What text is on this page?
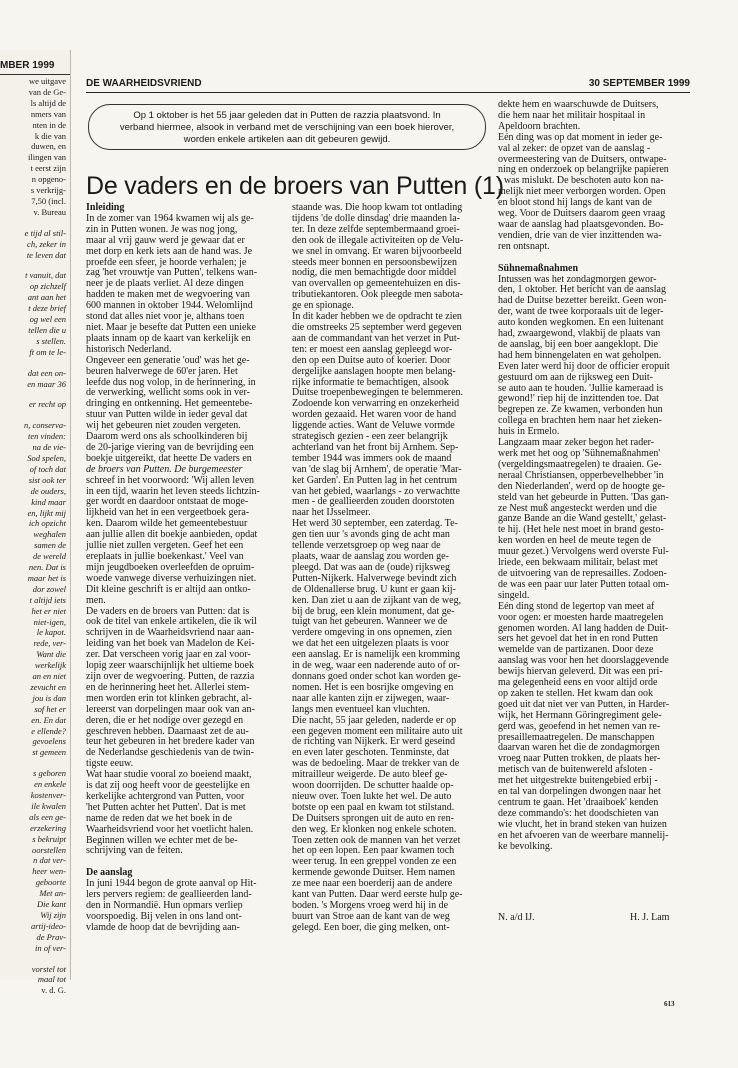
MBER 1999
we uitgave
van de Ge-
ls altijd de
nmers van
nten in de
k die van
duwen, en
ilingen van
t eerst zijn
n opgeno-
s verkrijg-
7,50 (incl.
v. Bureau
e tijd al stil-
ch, zeker in
te leven dat
t vanuit, dat
op zichzelf
ant aan het
t deze brief
og wel een
tellen die u
s stellen.
ft om te le-
dat een on-
en maar 36
er recht op
n, conserva-
ten vinden:
na de vie-
Sod spelen,
of toch dat
sist ook ter
de ouders,
kind maar
en, lijkt mij
ich opzicht
weghalen
samen de
de wereld
nen. Dat is
maar het is
dor zowel
t altijd iets
het er niet
niet-igen,
le kapot.
rede, ver-
Want die
werkelijk
an en niet
zevucht en
jou is dan
sof het er
en. En dat
e ellende?
gevoelens
st gemeen
s geboren
en enkele
kostenver-
ile kwalen
als een ge-
erzekering
s bekruipt
oorstellen
n dat ver-
heer wen-
geboorte
Met an-
Die kant
Wij zijn
artij-ideo-
de Prav-
in of ver-
vorstel tot
maal tot
v. d. G.
DE WAARHEIDSVRIEND	30 SEPTEMBER 1999
Op 1 oktober is het 55 jaar geleden dat in Putten de razzia plaatsvond. In
verband hiermee, alsook in verband met de verschijning van een boek hierover,
worden enkele artikelen aan dit gebeuren gewijd.
De vaders en de broers van Putten (1)

Inleiding

In de zomer van 1964 kwamen wij als ge-

zin in Putten wonen. Je was nog jong,

maar al vrij gauw werd je gewaar dat er

met dorp en kerk iets aan de hand was. Je

proefde een sfeer, je hoorde verhalen; je

zag 'het vrouwtje van Putten', telkens wan-

neer je de plaats verliet. Al deze dingen

hadden te maken met de wegvoering van

600 mannen in oktober 1944. Welomlijnd

stond dat alles niet voor je, althans toen

niet. Maar je besefte dat Putten een unieke

plaats innam op de kaart van kerkelijk en

historisch Nederland.

Ongeveer een generatie 'oud' was het ge-

beuren halverwege de 60'er jaren. Het

leefde dus nog volop, in de herinnering, in

de verwerking, wellicht soms ook in ver-

dringing en ontkenning. Het gemeentebe-

stuur van Putten wilde in ieder geval dat

wij het gebeuren niet zouden vergeten.

Daarom werd ons als schoolkinderen bij

de 20-jarige viering van de bevrijding een

boekje uitgereikt, dat heette De vaders en

de broers van Putten. De burgemeester

schreef in het voorwoord: 'Wij allen leven

in een tijd, waarin het leven steeds lichtzin-

ger wordt en daardoor ontstaat de moge-

lijkheid van het in een vergeetboek gera-

ken. Daarom wilde het gemeentebestuur

aan jullie allen dit boekje aanbieden, opdat

jullie niet zullen vergeten. Geef het een

ereplaats in jullie boekenkast.' Veel van

mijn jeugdboeken overleefden de opruim-

woede vanwege diverse verhuizingen niet.

Dit kleine geschrift is er altijd aan ontko-

men.

De vaders en de broers van Putten: dat is

ook de titel van enkele artikelen, die ik wil

schrijven in de Waarheidsvriend naar aan-

leiding van het boek van Madelon de Kei-

zer. Dat verscheen vorig jaar en zal voor-

lopig zeer waarschijnlijk het ultieme boek

zijn over de wegvoering. Putten, de razzia

en de herinnering heet het. Allerlei stem-

men worden erin tot klinken gebracht, al-

lereerst van dorpelingen maar ook van an-

deren, die er het nodige over gezegd en

geschreven hebben. Daarnaast zet de au-

teur het gebeuren in het bredere kader van

de Nederlandse geschiedenis van de twin-

tigste eeuw.

Wat haar studie vooral zo boeiend maakt,

is dat zij oog heeft voor de geestelijke en

kerkelijke achtergrond van Putten, voor

'het Putten achter het Putten'. Dat is met

name de reden dat we het boek in de

Waarheidsvriend voor het voetlicht halen.

Beginnen willen we echter met de be-

schrijving van de feiten.

De aanslag

In juni 1944 begon de grote aanval op Hit-

lers pervers regiem: de geallieerden land-

den in Normandië. Hun opmars verliep

voorspoedig. Bij velen in ons land ont-

vlamde de hoop dat de bevrijding aan-

staande was. Die hoop kwam tot ontlading

tijdens 'de dolle dinsdag' drie maanden la-

ter. In deze zelfde septembermaand groei-

den ook de illegale activiteiten op de Velu-

we snel in omvang. Er waren bijvoorbeeld

steeds meer bonnen en persoonsbewijzen

nodig, die men bemachtigde door middel

van overvallen op gemeentehuizen en dis-

tributiekantoren. Ook pleegde men sabota-

ge en spionage.

In dit kader hebben we de opdracht te zien

die omstreeks 25 september werd gegeven

aan de commandant van het verzet in Put-

ten: er moest een aanslag gepleegd wor-

den op een Duitse auto of koerier. Door

dergelijke aanslagen hoopte men belang-

rijke informatie te bemachtigen, alsook

Duitse troepenbewegingen te belemmeren.

Zodoende kon verwarring en onzekerheid

worden gezaaid. Het waren voor de hand

liggende acties. Want de Veluwe vormde

strategisch gezien - een zeer belangrijk

achterland van het front bij Arnhem. Sep-

tember 1944 was immers ook de maand

van 'de slag bij Arnhem', de operatie 'Mar-

ket Garden'. En Putten lag in het centrum

van het gebied, waarlangs - zo verwachtte

men - de geallieerden zouden doorstoten

naar het IJsselmeer.

Het werd 30 september, een zaterdag. Te-

gen tien uur 's avonds ging de acht man

tellende verzetsgroep op weg naar de

plaats, waar de aanslag zou worden ge-

pleegd. Dat was aan de (oude) rijksweg

Putten-Nijkerk. Halverwege bevindt zich

de Oldenallerse brug. U kunt er gaan kij-

ken. Dan ziet u aan de zijkant van de weg,

bij de brug, een klein monument, dat ge-

tuigt van het gebeuren. Wanneer we de

verdere omgeving in ons opnemen, zien

we dat het een uitgelezen plaats is voor

een aanslag. Er is namelijk een kromming

in de weg, waar een naderende auto of or-

donnans goed onder schot kan worden ge-

nomen. Het is een bosrijke omgeving en

naar alle kanten zijn er zijwegen, waar-

langs men eventueel kan vluchten.

Die nacht, 55 jaar geleden, naderde er op

een gegeven moment een militaire auto uit

de richting van Nijkerk. Er werd geseind

en even later geschoten. Tenminste, dat

was de bedoeling. Maar de trekker van de

mitrailleur weigerde. De auto bleef ge-

woon doorrijden. De schutter haalde op-

nieuw over. Toen lukte het wel. De auto

botste op een paal en kwam tot stilstand.

De Duitsers sprongen uit de auto en ren-

den weg. Er klonken nog enkele schoten.

Toen zetten ook de mannen van het verzet

het op een lopen. Een paar kwamen toch

weer terug. In een greppel vonden ze een

kermende gewonde Duitser. Hem namen

ze mee naar een boerderij aan de andere

kant van Putten. Daar werd eerste hulp ge-

boden. 's Morgens vroeg werd hij in de

buurt van Stroe aan de kant van de weg

gelegd. Een boer, die ging melken, ont-

dekte hem en waarschuwde de Duitsers,

die hem naar het militair hospitaal in

Apeldoorn brachten.

Eén ding was op dat moment in ieder ge-

val al zeker: de opzet van de aanslag -

overmeestering van de Duitsers, ontwape-

ning en onderzoek op belangrijke papieren

- was mislukt. De beschoten auto kon na-

melijk niet meer verborgen worden. Open

en bloot stond hij langs de kant van de

weg. Voor de Duitsers daarom geen vraag

waar de aanslag had plaatsgevonden. Bo-

vendien, drie van de vier inzittenden wa-

ren ontsnapt.

Sühnemaßnahmen

Intussen was het zondagmorgen gewor-

den, 1 oktober. Het bericht van de aanslag

had de Duitse bezetter bereikt. Geen won-

der, want de twee korporaals uit de leger-

auto konden wegkomen. En een luitenant

had, zwaargewond, vlakbij de plaats van

de aanslag, bij een boer aangeklopt. Die

had hem binnengelaten en wat geholpen.

Even later werd hij door de officier eropuit

gestuurd om aan de rijksweg een Duit-

se auto aan te houden. 'Jullie kameraad is

gewond!' riep hij de inzittenden toe. Dat

begrepen ze. Ze kwamen, verbonden hun

collega en brachten hem naar het zieken-

huis in Ermelo.

Langzaam maar zeker begon het rader-

werk met het oog op 'Sühnemaßnahmen'

(vergeldingsmaatregelen) te draaien. Ge-

neraal Christiansen, opperbevelhebber 'in

den Niederlanden', werd op de hoogte ge-

steld van het gebeurde in Putten. 'Das gan-

ze Nest muß angesteckt werden und die

ganze Bande an die Wand gestellt,' gelast-

te hij. (Het hele nest moet in brand gesto-

ken worden en heel de meute tegen de

muur gezet.) Vervolgens werd overste Ful-

lriede, een bekwaam militair, belast met

de uitvoering van de represailles. Zodoen-

de was een paar uur later Putten totaal om-

singeld.

Eén ding stond de legertop van meet af

voor ogen: er moesten harde maatregelen

genomen worden. Al lang hadden de Duit-

sers het gevoel dat het in en rond Putten

wemelde van de partizanen. Door deze

aanslag was voor hen het doorslaggevende

bewijs hiervan geleverd. Dit was een pri-

ma gelegenheid eens en voor altijd orde

op zaken te stellen. Het kwam dan ook

goed uit dat niet ver van Putten, in Harder-

wijk, het Hermann Göringregiment gele-

gerd was, geoefend in het nemen van re-

presaillemaatregelen. De manschappen

daarvan waren het die de zondagmorgen

vroeg naar Putten trokken, de plaats her-

metisch van de buitenwereld afsloten -

met het uitgestrekte buitengebied erbij -

en tal van dorpelingen dwongen naar het

centrum te gaan. Het 'draaiboek' kenden

deze commando's: het doodschieten van

wie vlucht, het in brand steken van huizen

en het afvoeren van de weerbare mannelij-

ke bevolking.

N. a/d IJ.	H. J. Lam
613
